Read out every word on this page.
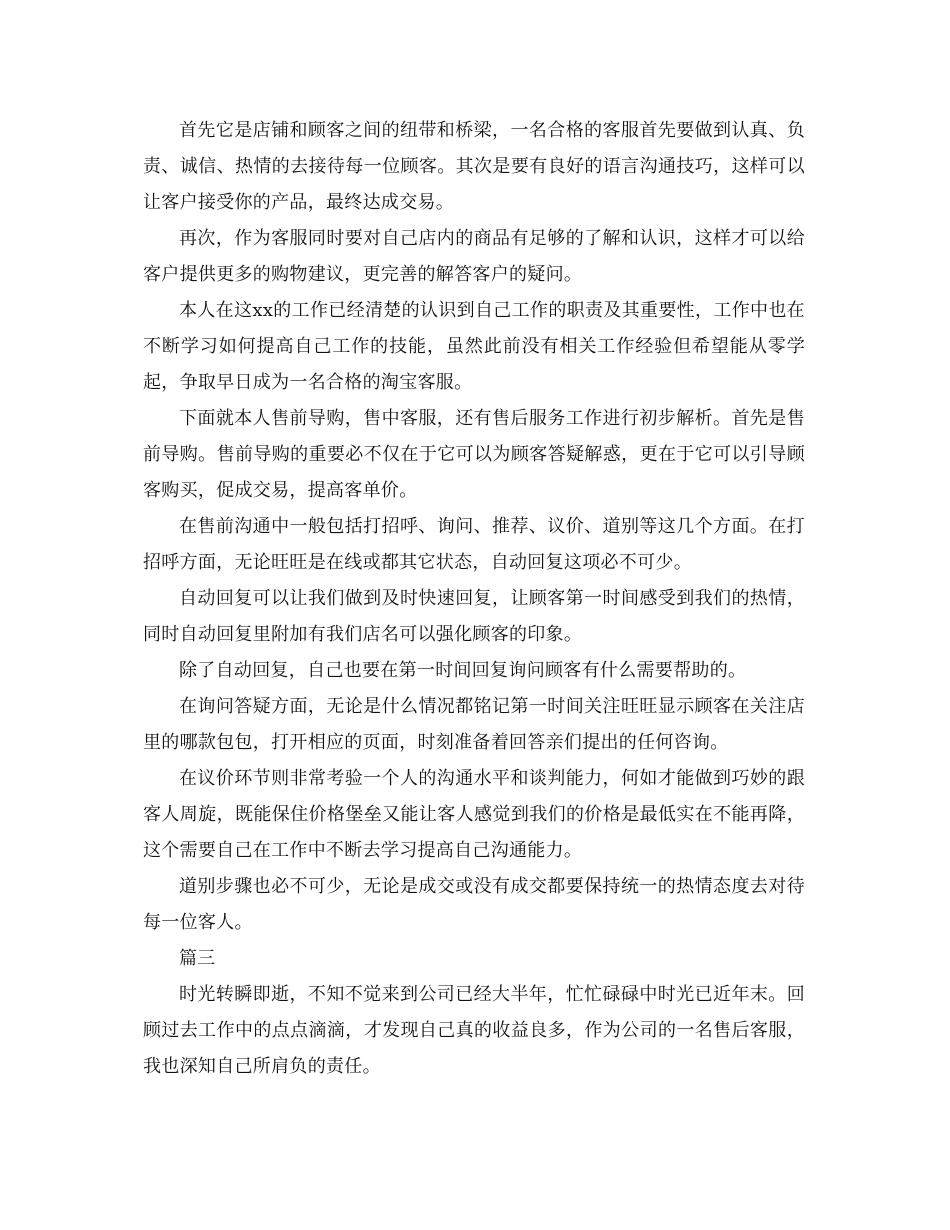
首先它是店铺和顾客之间的纽带和桥梁，一名合格的客服首先要做到认真、负责、诚信、热情的去接待每一位顾客。其次是要有良好的语言沟通技巧，这样可以让客户接受你的产品，最终达成交易。

再次，作为客服同时要对自己店内的商品有足够的了解和认识，这样才可以给客户提供更多的购物建议，更完善的解答客户的疑问。

本人在这xx的工作已经清楚的认识到自己工作的职责及其重要性，工作中也在不断学习如何提高自己工作的技能，虽然此前没有相关工作经验但希望能从零学起，争取早日成为一名合格的淘宝客服。

下面就本人售前导购，售中客服，还有售后服务工作进行初步解析。首先是售前导购。售前导购的重要必不仅在于它可以为顾客答疑解惑，更在于它可以引导顾客购买，促成交易，提高客单价。

在售前沟通中一般包括打招呼、询问、推荐、议价、道别等这几个方面。在打招呼方面，无论旺旺是在线或都其它状态，自动回复这项必不可少。

自动回复可以让我们做到及时快速回复，让顾客第一时间感受到我们的热情，同时自动回复里附加有我们店名可以强化顾客的印象。

除了自动回复，自己也要在第一时间回复询问顾客有什么需要帮助的。

在询问答疑方面，无论是什么情况都铭记第一时间关注旺旺显示顾客在关注店里的哪款包包，打开相应的页面，时刻准备着回答亲们提出的任何咨询。

在议价环节则非常考验一个人的沟通水平和谈判能力，何如才能做到巧妙的跟客人周旋，既能保住价格堡垒又能让客人感觉到我们的价格是最低实在不能再降，这个需要自己在工作中不断去学习提高自己沟通能力。

道别步骤也必不可少，无论是成交或没有成交都要保持统一的热情态度去对待每一位客人。

篇三

时光转瞬即逝，不知不觉来到公司已经大半年，忙忙碌碌中时光已近年末。回顾过去工作中的点点滴滴，才发现自己真的收益良多，作为公司的一名售后客服，我也深知自己所肩负的责任。
